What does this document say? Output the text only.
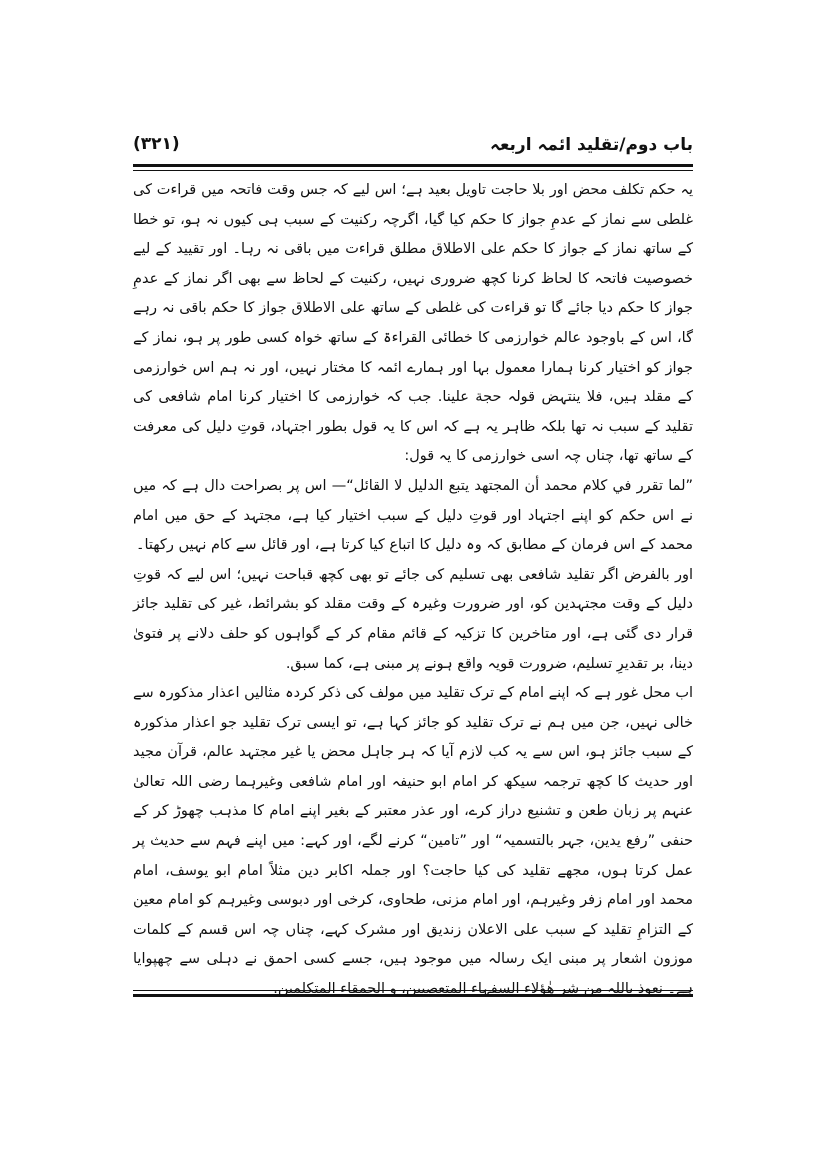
باب دوم/تقلید ائمہ اربعہ
(۳۲۱)

یہ حکم تکلف محض اور بلا حاجت تاویل بعید ہے؛ اس لیے کہ جس وقت فاتحہ میں قراءت کی غلطی سے نماز کے عدمِ جواز کا حکم کیا گیا، اگرچہ رکنیت کے سبب ہی کیوں نہ ہو، تو خطا کے ساتھ نماز کے جواز کا حکم علی الاطلاق مطلق قراءت میں باقی نہ رہا۔ اور تقیید کے لیے خصوصیت فاتحہ کا لحاظ کرنا کچھ ضروری نہیں، رکنیت کے لحاظ سے بھی اگر نماز کے عدمِ جواز کا حکم دیا جائے گا تو قراءت کی غلطی کے ساتھ علی الاطلاق جواز کا حکم باقی نہ رہے گا، اس کے باوجود عالم خوارزمی کا خطائی القراءۃ کے ساتھ خواہ کسی طور پر ہو، نماز کے جواز کو اختیار کرنا ہمارا معمول بہا اور ہمارے ائمہ کا مختار نہیں، اور نہ ہم اس خوارزمی کے مقلد ہیں، فلا ینتہض قولہ حجة علینا. جب کہ خوارزمی کا اختیار کرنا امام شافعی کی تقلید کے سبب نہ تھا بلکہ ظاہر یہ ہے کہ اس کا یہ قول بطور اجتہاد، قوتِ دلیل کی معرفت کے ساتھ تھا، چناں چہ اسی خوارزمی کا یہ قول:

”لما تقرر في کلام محمد أن المجتهد يتبع الدليل لا القائل“— اس پر بصراحت دال ہے کہ میں نے اس حکم کو اپنے اجتہاد اور قوتِ دلیل کے سبب اختیار کیا ہے، مجتہد کے حق میں امام محمد کے اس فرمان کے مطابق کہ وہ دلیل کا اتباع کیا کرتا ہے، اور قائل سے کام نہیں رکھتا۔

اور بالفرض اگر تقلید شافعی بھی تسلیم کی جائے تو بھی کچھ قباحت نہیں؛ اس لیے کہ قوتِ دلیل کے وقت مجتہدین کو، اور ضرورت وغیرہ کے وقت مقلد کو بشرائط، غیر کی تقلید جائز قرار دی گئی ہے، اور متاخرین کا تزکیہ کے قائم مقام کر کے گواہوں کو حلف دلانے پر فتویٰ دینا، بر تقدیرِ تسلیم، ضرورت قویہ واقع ہونے پر مبنی ہے، کما سبق.

اب محل غور ہے کہ اپنے امام کے ترک تقلید میں مولف کی ذکر کردہ مثالیں اعذار مذکورہ سے خالی نہیں، جن میں ہم نے ترک تقلید کو جائز کہا ہے، تو ایسی ترک تقلید جو اعذار مذکورہ کے سبب جائز ہو، اس سے یہ کب لازم آیا کہ ہر جاہل محض یا غیر مجتہد عالم، قرآن مجید اور حدیث کا کچھ ترجمہ سیکھ کر امام ابو حنیفہ اور امام شافعی وغیرہما رضی اللہ تعالیٰ عنہم پر زبان طعن و تشنیع دراز کرے، اور عذر معتبر کے بغیر اپنے امام کا مذہب چھوڑ کر کے حنفی ”رفع یدین، جہر بالتسمیہ“ اور ”تامین“ کرنے لگے، اور کہے: میں اپنے فہم سے حدیث پر عمل کرتا ہوں، مجھے تقلید کی کیا حاجت؟ اور جملہ اکابر دین مثلاً امام ابو یوسف، امام محمد اور امام زفر وغیرہم، اور امام مزنی، طحاوی، کرخی اور دبوسی وغیرہم کو امام معین کے التزامِ تقلید کے سبب علی الاعلان زندیق اور مشرک کہے، چناں چہ اس قسم کے کلمات موزون اشعار پر مبنی ایک رسالہ میں موجود ہیں، جسے کسی احمق نے دہلی سے چھپوایا ہے۔ نعوذ باللہ من شر ھٰؤلاء السفہاء المتعصبین، و الحمقاء المتکلمین.
